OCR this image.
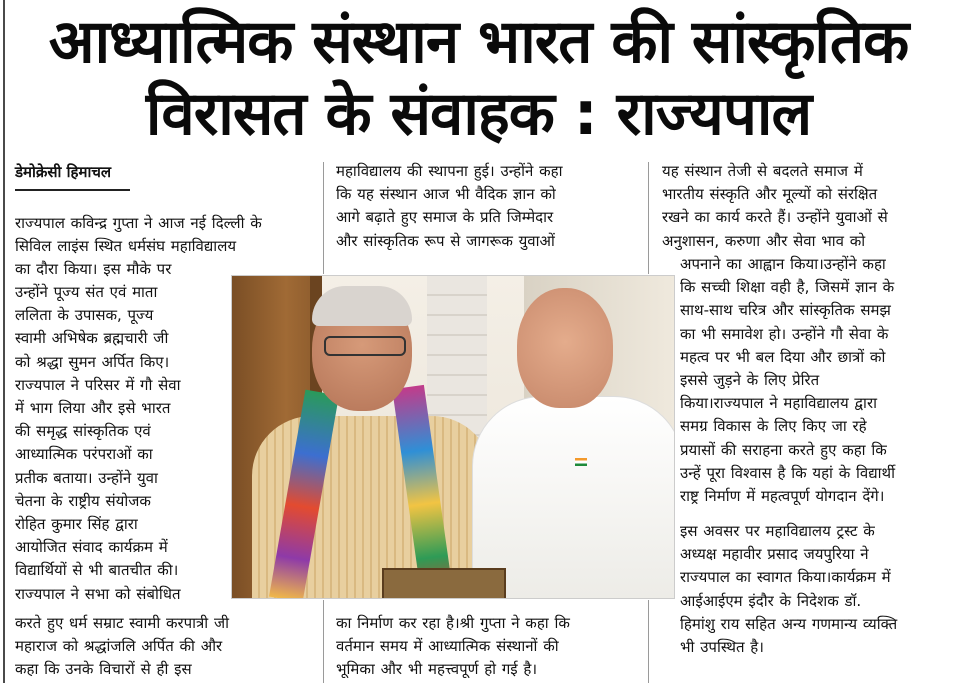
आध्यात्मिक संस्थान भारत की सांस्कृतिक
विरासत के संवाहक : राज्यपाल
डेमोक्रेसी हिमाचल

राज्यपाल कविन्द्र गुप्ता ने आज नई दिल्ली के

सिविल लाइंस स्थित धर्मसंघ महाविद्यालय

का दौरा किया। इस मौके पर

उन्होंने पूज्य संत एवं माता

ललिता के उपासक, पूज्य

स्वामी अभिषेक ब्रह्मचारी जी

को श्रद्धा सुमन अर्पित किए।

राज्यपाल ने परिसर में गौ सेवा

में भाग लिया और इसे भारत

की समृद्ध सांस्कृतिक एवं

आध्यात्मिक परंपराओं का

प्रतीक बताया। उन्होंने युवा

चेतना के राष्ट्रीय संयोजक

रोहित कुमार सिंह द्वारा

आयोजित संवाद कार्यक्रम में

विद्यार्थियों से भी बातचीत की।

राज्यपाल ने सभा को संबोधित

करते हुए धर्म सम्राट स्वामी करपात्री जी

महाराज को श्रद्धांजलि अर्पित की और

कहा कि उनके विचारों से ही इस

महाविद्यालय की स्थापना हुई। उन्होंने कहा

कि यह संस्थान आज भी वैदिक ज्ञान को

आगे बढ़ाते हुए समाज के प्रति जिम्मेदार

और सांस्कृतिक रूप से जागरूक युवाओं

का निर्माण कर रहा है।श्री गुप्ता ने कहा कि

वर्तमान समय में आध्यात्मिक संस्थानों की

भूमिका और भी महत्त्वपूर्ण हो गई है।

यह संस्थान तेजी से बदलते समाज में

भारतीय संस्कृति और मूल्यों को संरक्षित

रखने का कार्य करते हैं। उन्होंने युवाओं से

अनुशासन, करुणा और सेवा भाव को

अपनाने का आह्वान किया।उन्होंने कहा

कि सच्ची शिक्षा वही है, जिसमें ज्ञान के

साथ-साथ चरित्र और सांस्कृतिक समझ

का भी समावेश हो। उन्होंने गौ सेवा के

महत्व पर भी बल दिया और छात्रों को

इससे जुड़ने के लिए प्रेरित

किया।राज्यपाल ने महाविद्यालय द्वारा

समग्र विकास के लिए किए जा रहे

प्रयासों की सराहना करते हुए कहा कि

उन्हें पूरा विश्वास है कि यहां के विद्यार्थी

राष्ट्र निर्माण में महत्वपूर्ण योगदान देंगे।

इस अवसर पर महाविद्यालय ट्रस्ट के

अध्यक्ष महावीर प्रसाद जयपुरिया ने

राज्यपाल का स्वागत किया।कार्यक्रम में

आईआईएम इंदौर के निदेशक डॉ.

हिमांशु राय सहित अन्य गणमान्य व्यक्ति

भी उपस्थित है।
